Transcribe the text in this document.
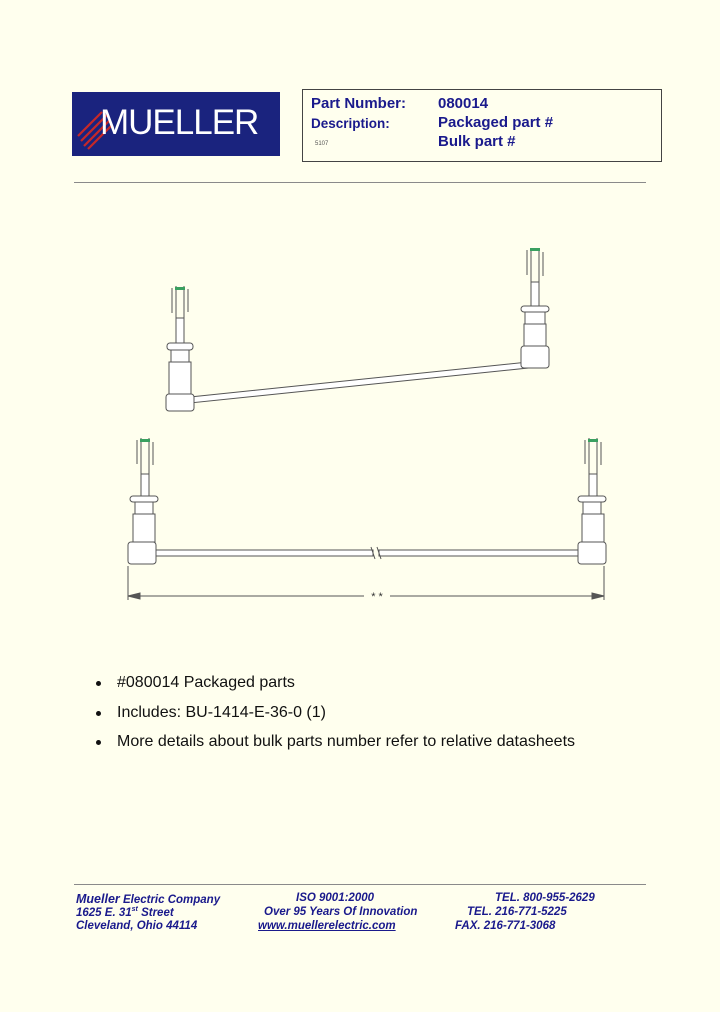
MUELLER	Part Number: 080014
Description:	Packaged part #
Bulk part #
5107
* *
#080014 Packaged parts
Includes: BU-1414-E-36-0 (1)
More details about bulk parts number refer to relative datasheets
Mueller Electric Company
1625 E. 31st Street
Cleveland, Ohio 44114
ISO 9001:2000
Over 95 Years Of Innovation
www.muellerelectric.com
TEL. 800-955-2629
TEL. 216-771-5225
FAX. 216-771-3068
